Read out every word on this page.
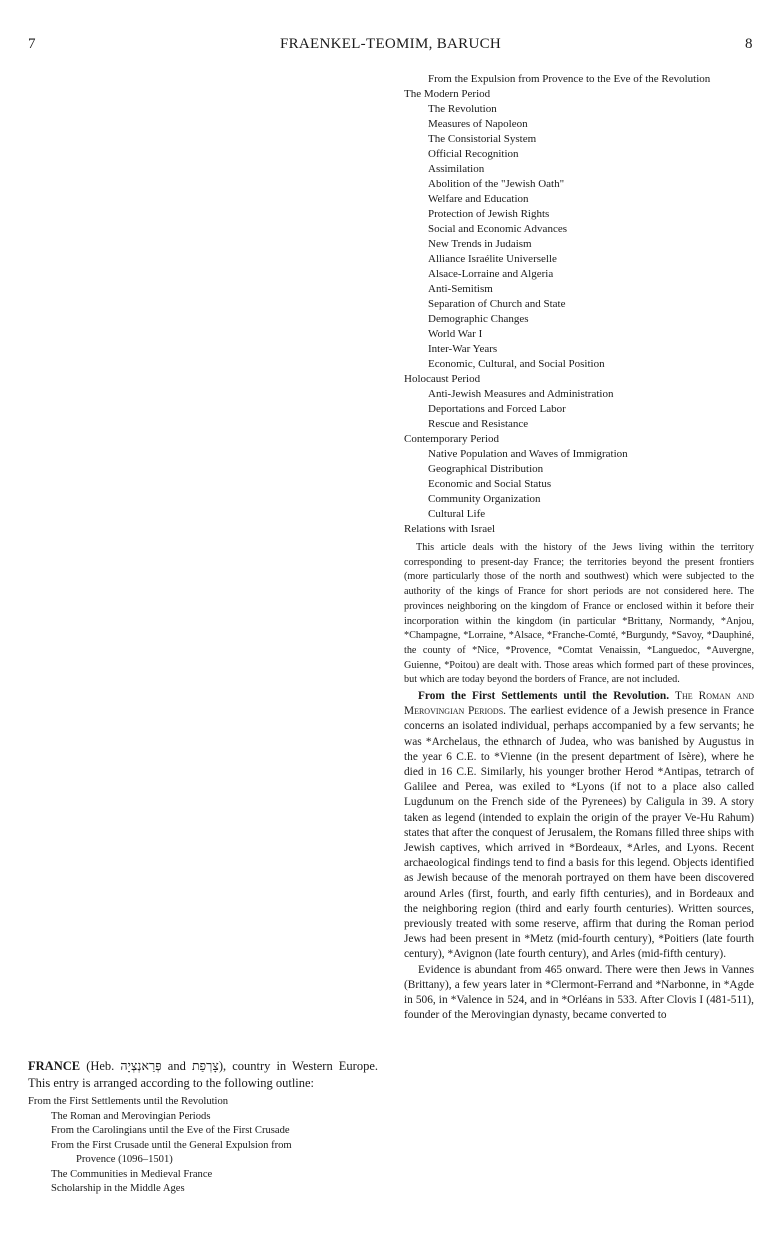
7	FRAENKEL-TEOMIM, BARUCH	8
From the Expulsion from Provence to the Eve of the Revolution
The Modern Period
The Revolution
Measures of Napoleon
The Consistorial System
Official Recognition
Assimilation
Abolition of the "Jewish Oath"
Welfare and Education
Protection of Jewish Rights
Social and Economic Advances
New Trends in Judaism
Alliance Israélite Universelle
Alsace-Lorraine and Algeria
Anti-Semitism
Separation of Church and State
Demographic Changes
World War I
Inter-War Years
Economic, Cultural, and Social Position
Holocaust Period
Anti-Jewish Measures and Administration
Deportations and Forced Labor
Rescue and Resistance
Contemporary Period
Native Population and Waves of Immigration
Geographical Distribution
Economic and Social Status
Community Organization
Cultural Life
Relations with Israel
This article deals with the history of the Jews living within the territory corresponding to present-day France; the territories beyond the present frontiers (more particularly those of the north and southwest) which were subjected to the authority of the kings of France for short periods are not considered here. The provinces neighboring on the kingdom of France or enclosed within it before their incorporation within the kingdom (in particular *Brittany, Normandy, *Anjou, *Champagne, *Lorraine, *Alsace, *Franche-Comté, *Burgundy, *Savoy, *Dauphiné, the county of *Nice, *Provence, *Comtat Venaissin, *Languedoc, *Auvergne, Guienne, *Poitou) are dealt with. Those areas which formed part of these provinces, but which are today beyond the borders of France, are not included.

From the First Settlements until the Revolution. The Roman and Merovingian Periods. The earliest evidence of a Jewish presence in France concerns an isolated individual, perhaps accompanied by a few servants; he was *Archelaus, the ethnarch of Judea, who was banished by Augustus in the year 6 C.E. to *Vienne (in the present department of Isère), where he died in 16 C.E. Similarly, his younger brother Herod *Antipas, tetrarch of Galilee and Perea, was exiled to *Lyons (if not to a place also called Lugdunum on the French side of the Pyrenees) by Caligula in 39. A story taken as legend (intended to explain the origin of the prayer Ve-Hu Rahum) states that after the conquest of Jerusalem, the Romans filled three ships with Jewish captives, which arrived in *Bordeaux, *Arles, and Lyons. Recent archaeological findings tend to find a basis for this legend. Objects identified as Jewish because of the menorah portrayed on them have been discovered around Arles (first, fourth, and early fifth centuries), and in Bordeaux and the neighboring region (third and early fourth centuries). Written sources, previously treated with some reserve, affirm that during the Roman period Jews had been present in *Metz (mid-fourth century), *Poitiers (late fourth century), *Avignon (late fourth century), and Arles (mid-fifth century).

Evidence is abundant from 465 onward. There were then Jews in Vannes (Brittany), a few years later in *Clermont-Ferrand and *Narbonne, in *Agde in 506, in *Valence in 524, and in *Orléans in 533. After Clovis I (481-511), founder of the Merovingian dynasty, became converted to

FRANCE (Heb. פְּרַאנְצְיָה and צָרְפַת), country in Western Europe. This entry is arranged according to the following outline:
From the First Settlements until the Revolution
The Roman and Merovingian Periods
From the Carolingians until the Eve of the First Crusade
From the First Crusade until the General Expulsion from
Provence (1096–1501)
The Communities in Medieval France
Scholarship in the Middle Ages
